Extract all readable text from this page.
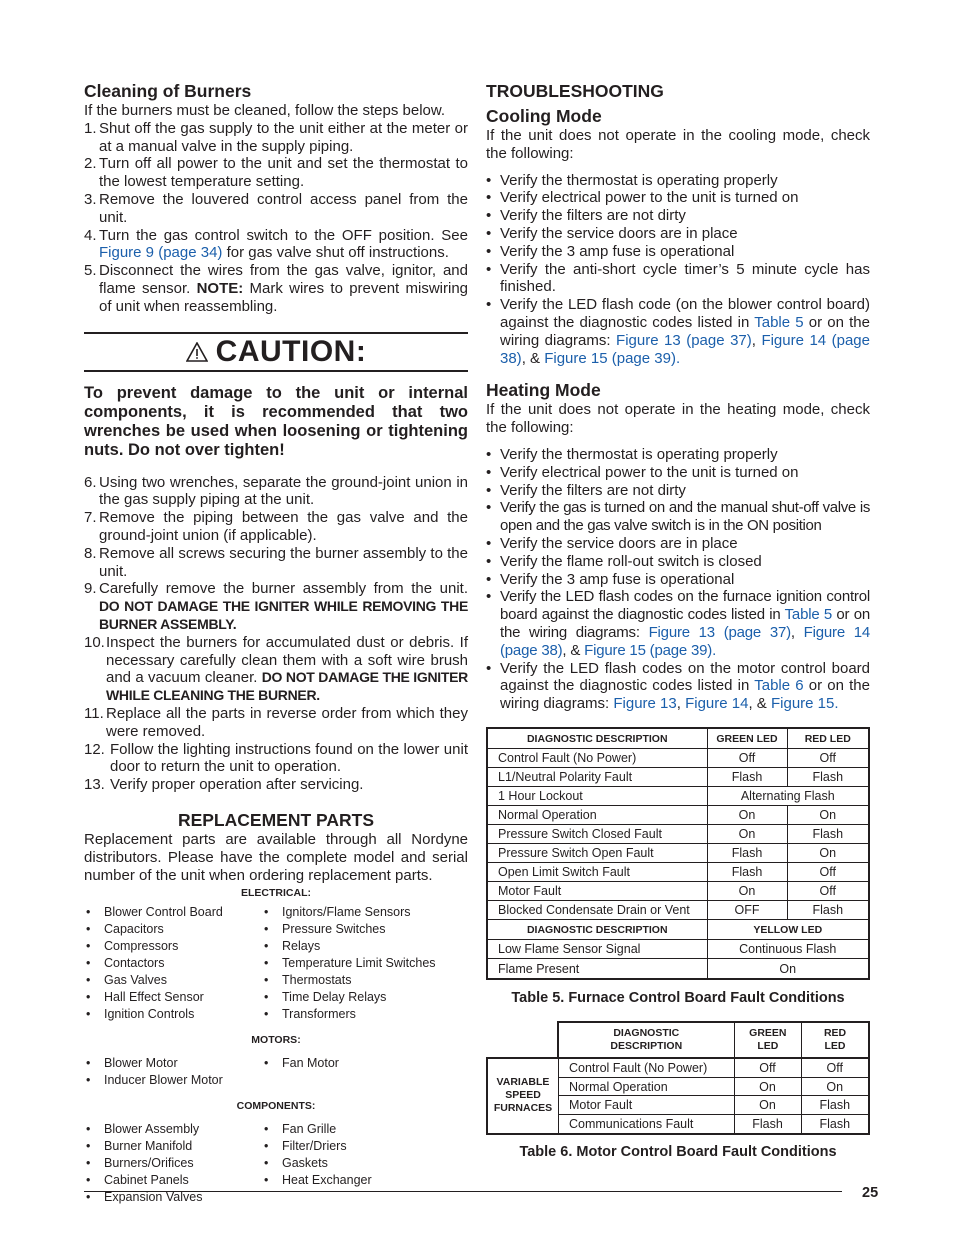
Cleaning of Burners

If the burners must be cleaned, follow the steps below.

1. Shut off the gas supply to the unit either at the meter or at a manual valve in the supply piping.
2. Turn off all power to the unit and set the thermostat to the lowest temperature setting.
3. Remove the louvered control access panel from the unit.
4. Turn the gas control switch to the OFF position. See Figure 9 (page 34) for gas valve shut off instructions.
5. Disconnect the wires from the gas valve, ignitor, and flame sensor. NOTE: Mark wires to prevent miswiring of unit when reassembling.
CAUTION:

To prevent damage to the unit or internal components, it is recommended that two wrenches be used when loosening or tightening nuts. Do not over tighten!

6. Using two wrenches, separate the ground-joint union in the gas supply piping at the unit.
7. Remove the piping between the gas valve and the ground-joint union (if applicable).
8. Remove all screws securing the burner assembly to the unit.
9. Carefully remove the burner assembly from the unit. DO NOT DAMAGE THE IGNITER WHILE REMOVING THE BURNER ASSEMBLY.
10. Inspect the burners for accumulated dust or debris. If necessary carefully clean them with a soft wire brush and a vacuum cleaner. DO NOT DAMAGE THE IGNITER WHILE CLEANING THE BURNER.
11. Replace all the parts in reverse order from which they were removed.
12. Follow the lighting instructions found on the lower unit door to return the unit to operation.
13. Verify proper operation after servicing.
REPLACEMENT PARTS

Replacement parts are available through all Nordyne distributors. Please have the complete model and serial number of the unit when ordering replacement parts.

ELECTRICAL:
• Blower Control Board	• Ignitors/Flame Sensors
• Capacitors	• Pressure Switches
• Compressors	• Relays
• Contactors	• Temperature Limit Switches
• Gas Valves	• Thermostats
• Hall Effect Sensor	• Time Delay Relays
• Ignition Controls	• Transformers
MOTORS:
• Blower Motor	• Fan Motor
• Inducer Blower Motor
COMPONENTS:
• Blower Assembly	• Fan Grille
• Burner Manifold	• Filter/Driers
• Burners/Orifices	• Gaskets
• Cabinet Panels	• Heat Exchanger
• Expansion Valves
TROUBLESHOOTING
Cooling Mode

If the unit does not operate in the cooling mode, check the following:

• Verify the thermostat is operating properly
• Verify electrical power to the unit is turned on
• Verify the filters are not dirty
• Verify the service doors are in place
• Verify the 3 amp fuse is operational
• Verify the anti-short cycle timer’s 5 minute cycle has finished.
• Verify the LED flash code (on the blower control board) against the diagnostic codes listed in Table 5 or on the wiring diagrams: Figure 13 (page 37), Figure 14 (page 38), & Figure 15 (page 39).
Heating Mode

If the unit does not operate in the heating mode, check the following:

• Verify the thermostat is operating properly
• Verify electrical power to the unit is turned on
• Verify the filters are not dirty
• Verify the gas is turned on and the manual shut-off valve is open and the gas valve switch is in the ON position
• Verify the service doors are in place
• Verify the flame roll-out switch is closed
• Verify the 3 amp fuse is operational
• Verify the LED flash codes on the furnace ignition control board against the diagnostic codes listed in Table 5 or on the wiring diagrams: Figure 13 (page 37), Figure 14 (page 38), & Figure 15 (page 39).
• Verify the LED flash codes on the motor control board against the diagnostic codes listed in Table 6 or on the wiring diagrams: Figure 13, Figure 14, & Figure 15.
DIAGNOSTIC DESCRIPTION	GREEN LED	RED LED
Control Fault (No Power)	Off	Off
L1/Neutral Polarity Fault	Flash	Flash
1 Hour Lockout	Alternating Flash	
Normal Operation	On	On
Pressure Switch Closed Fault	On	Flash
Pressure Switch Open Fault	Flash	On
Open Limit Switch Fault	Flash	Off
Motor Fault	On	Off
Blocked Condensate Drain or Vent	OFF	Flash
DIAGNOSTIC DESCRIPTION	YELLOW LED	
Low Flame Sensor Signal	Continuous Flash	
Flame Present	On	
Table 5. Furnace Control Board Fault Conditions
DIAGNOSTIC DESCRIPTION	GREEN LED	RED LED
VARIABLE SPEED FURNACES
Control Fault (No Power)	Off	Off
Normal Operation	On	On
Motor Fault	On	Flash
Communications Fault	Flash	Flash
Table 6. Motor Control Board Fault Conditions
25
